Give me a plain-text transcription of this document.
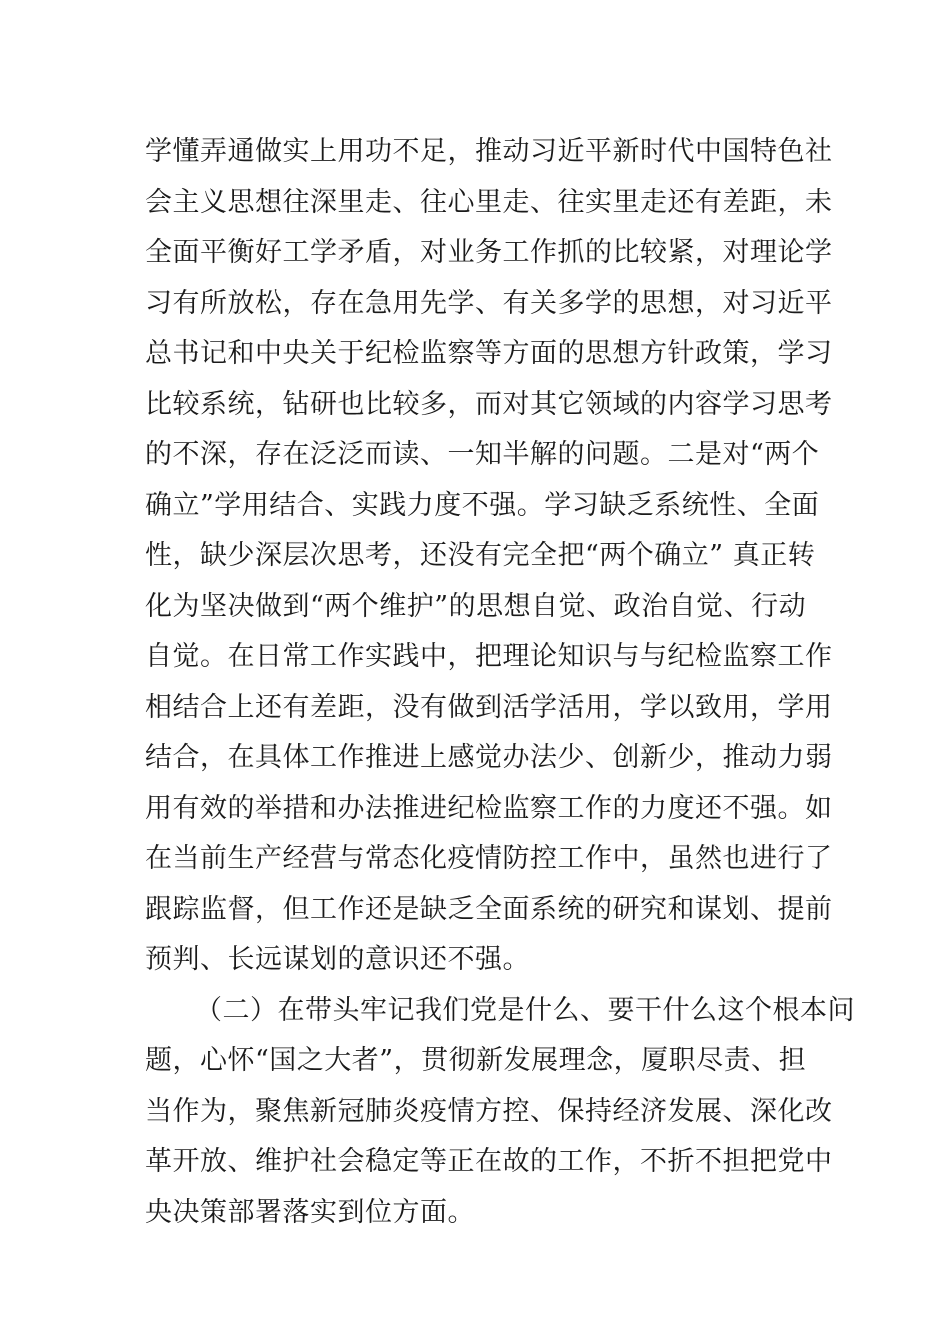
学懂弄通做实上用功不足，推动习近平新时代中国特色社
会主义思想往深里走、往心里走、往实里走还有差距，未
全面平衡好工学矛盾，对业务工作抓的比较紧，对理论学
习有所放松，存在急用先学、有关多学的思想，对习近平
总书记和中央关于纪检监察等方面的思想方针政策，学习
比较系统，钻研也比较多，而对其它领域的内容学习思考
的不深，存在泛泛而读、一知半解的问题。二是对“两个
确立”学用结合、实践力度不强。学习缺乏系统性、全面
性，缺少深层次思考，还没有完全把“两个确立” 真正转
化为坚决做到“两个维护”的思想自觉、政治自觉、行动
自觉。在日常工作实践中，把理论知识与与纪检监察工作
相结合上还有差距，没有做到活学活用，学以致用，学用
结合，在具体工作推进上感觉办法少、创新少，推动力弱
用有效的举措和办法推进纪检监察工作的力度还不强。如
在当前生产经营与常态化疫情防控工作中，虽然也进行了
跟踪监督，但工作还是缺乏全面系统的研究和谋划、提前
预判、长远谋划的意识还不强。
（二）在带头牢记我们党是什么、要干什么这个根本问
题，心怀“国之大者”，贯彻新发展理念，厦职尽责、担
当作为，聚焦新冠肺炎疫情方控、保持经济发展、深化改
革开放、维护社会稳定等正在故的工作，不折不担把党中
央决策部署落实到位方面。
